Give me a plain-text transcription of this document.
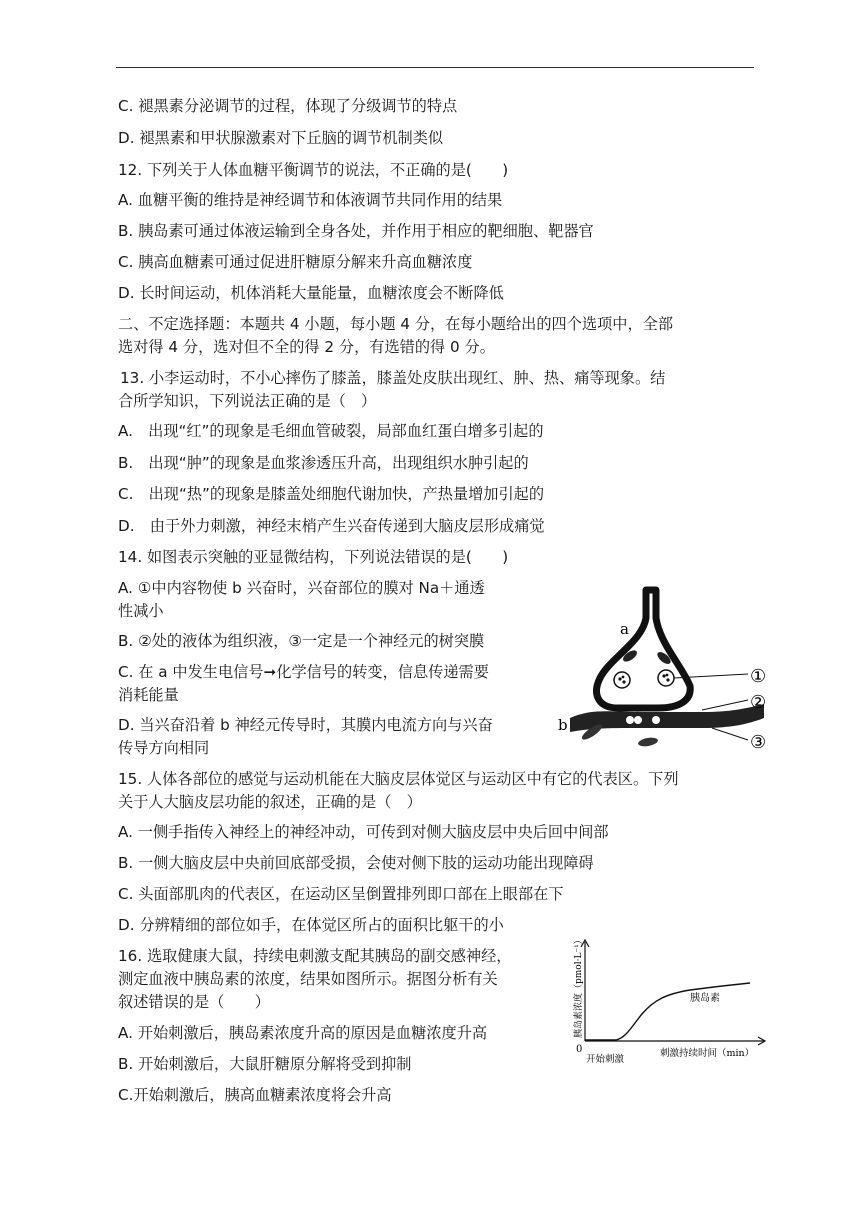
C. 褪黑素分泌调节的过程，体现了分级调节的特点
D. 褪黑素和甲状腺激素对下丘脑的调节机制类似
12. 下列关于人体血糖平衡调节的说法，不正确的是(　　)
A. 血糖平衡的维持是神经调节和体液调节共同作用的结果
B. 胰岛素可通过体液运输到全身各处，并作用于相应的靶细胞、靶器官
C. 胰高血糖素可通过促进肝糖原分解来升高血糖浓度
D. 长时间运动，机体消耗大量能量，血糖浓度会不断降低
二、不定选择题：本题共 4 小题，每小题 4 分，在每小题给出的四个选项中，全部
选对得 4 分，选对但不全的得 2 分，有选错的得 0 分。
13. 小李运动时，不小心摔伤了膝盖，膝盖处皮肤出现红、肿、热、痛等现象。结
合所学知识，下列说法正确的是（　）
A.　出现“红”的现象是毛细血管破裂，局部血红蛋白增多引起的
B.　出现“肿”的现象是血浆渗透压升高，出现组织水肿引起的
C.　出现“热”的现象是膝盖处细胞代谢加快，产热量增加引起的
D.　由于外力刺激，神经末梢产生兴奋传递到大脑皮层形成痛觉
14. 如图表示突触的亚显微结构，下列说法错误的是(　　)
A. ①中内容物使 b 兴奋时，兴奋部位的膜对 Na＋通透
性减小
B. ②处的液体为组织液，③一定是一个神经元的树突膜
C. 在 a 中发生电信号➞化学信号的转变，信息传递需要
消耗能量
D. 当兴奋沿着 b 神经元传导时，其膜内电流方向与兴奋
传导方向相同
15. 人体各部位的感觉与运动机能在大脑皮层体觉区与运动区中有它的代表区。下列
关于人大脑皮层功能的叙述，正确的是（　）
A. 一侧手指传入神经上的神经冲动，可传到对侧大脑皮层中央后回中间部
B. 一侧大脑皮层中央前回底部受损，会使对侧下肢的运动功能出现障碍
C. 头面部肌肉的代表区，在运动区呈倒置排列即口部在上眼部在下
D. 分辨精细的部位如手，在体觉区所占的面积比躯干的小
16. 选取健康大鼠，持续电刺激支配其胰岛的副交感神经，
测定血液中胰岛素的浓度，结果如图所示。据图分析有关
叙述错误的是（　　）
A. 开始刺激后，胰岛素浓度升高的原因是血糖浓度升高
B. 开始刺激后，大鼠肝糖原分解将受到抑制
C.开始刺激后，胰高血糖素浓度将会升高
a
b
①
②
③
0
开始刺激
刺激持续时间（min）
胰岛素
胰岛素浓度（pmol·L⁻¹）
